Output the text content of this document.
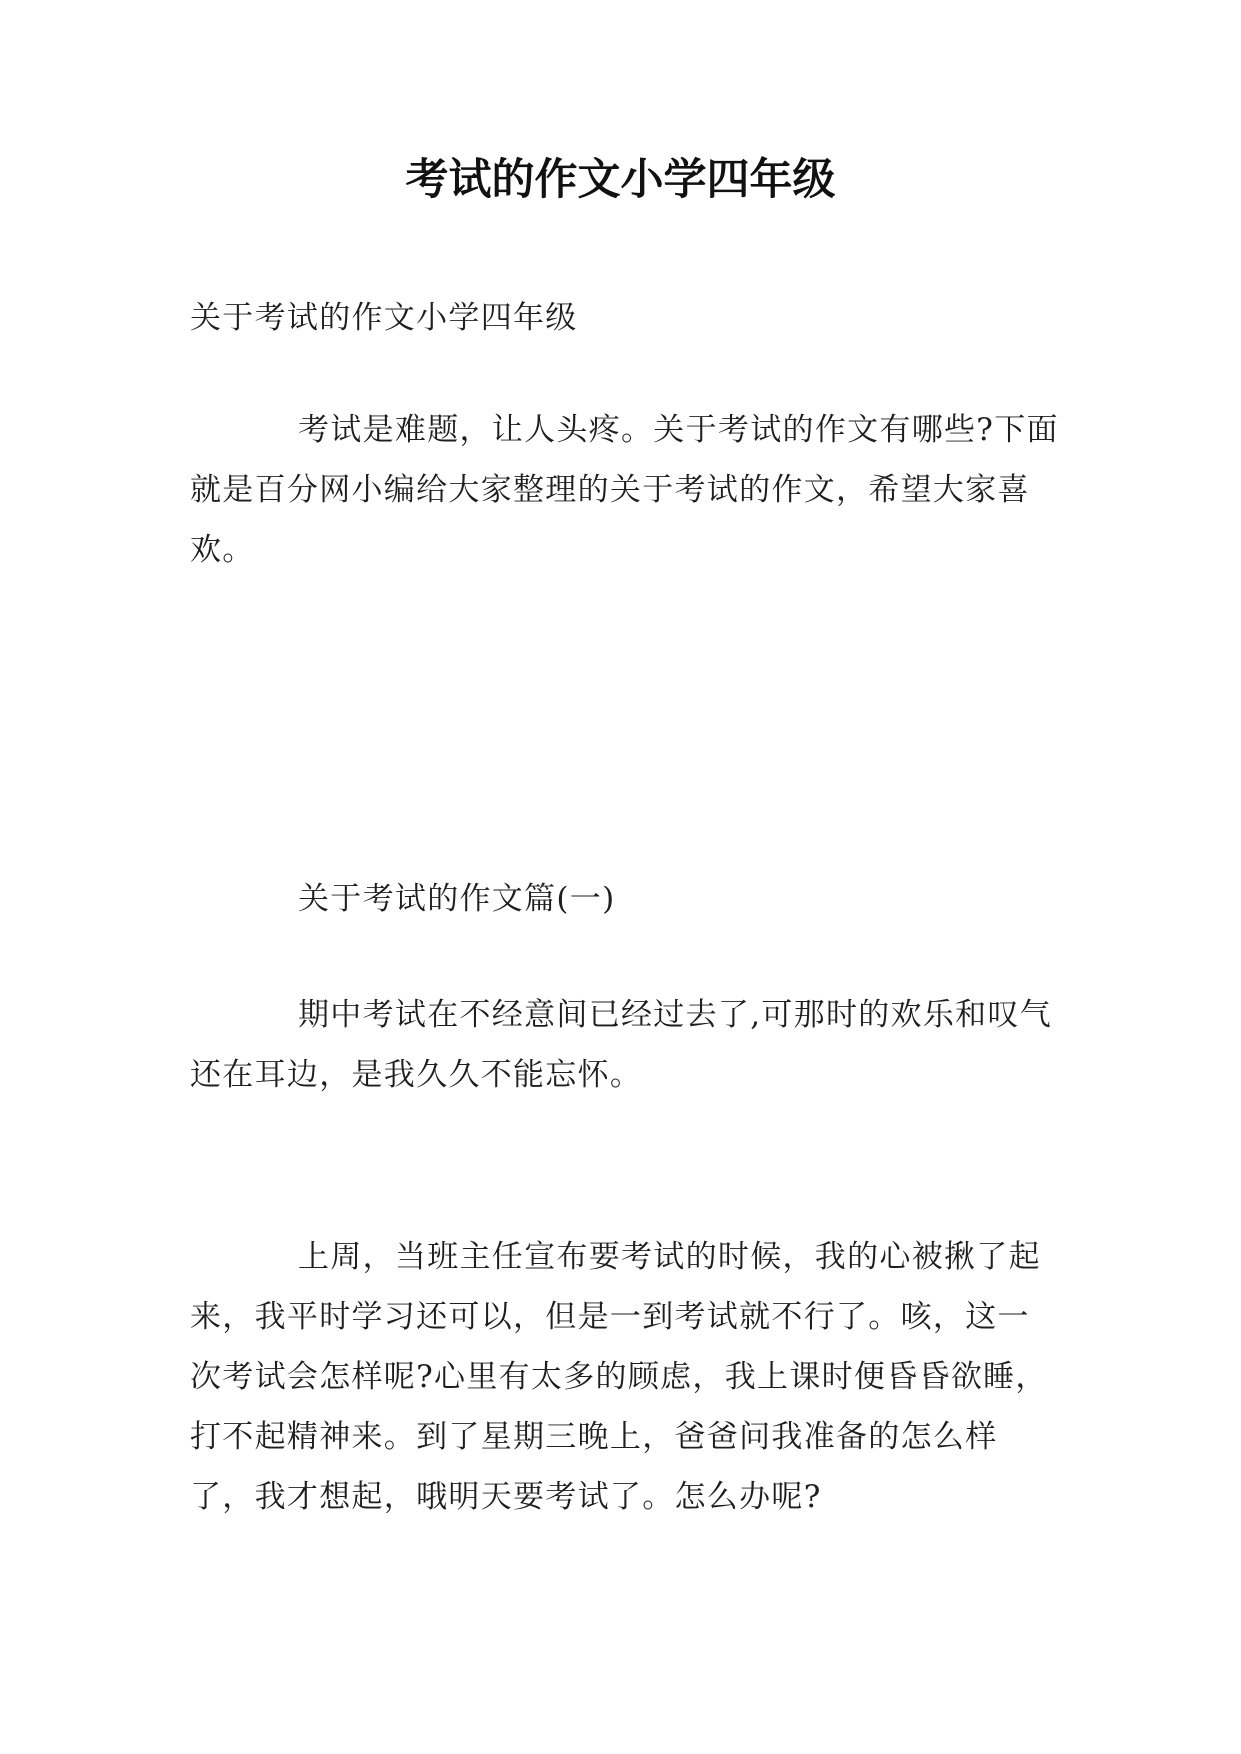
考试的作文小学四年级

关于考试的作文小学四年级

考试是难题，让人头疼。关于考试的作文有哪些?下面就是百分网小编给大家整理的关于考试的作文，希望大家喜欢。

关于考试的作文篇(一)

期中考试在不经意间已经过去了,可那时的欢乐和叹气还在耳边，是我久久不能忘怀。

上周，当班主任宣布要考试的时候，我的心被揪了起来，我平时学习还可以，但是一到考试就不行了。咳，这一次考试会怎样呢?心里有太多的顾虑，我上课时便昏昏欲睡，打不起精神来。到了星期三晚上，爸爸问我准备的怎么样了，我才想起，哦明天要考试了。怎么办呢?
